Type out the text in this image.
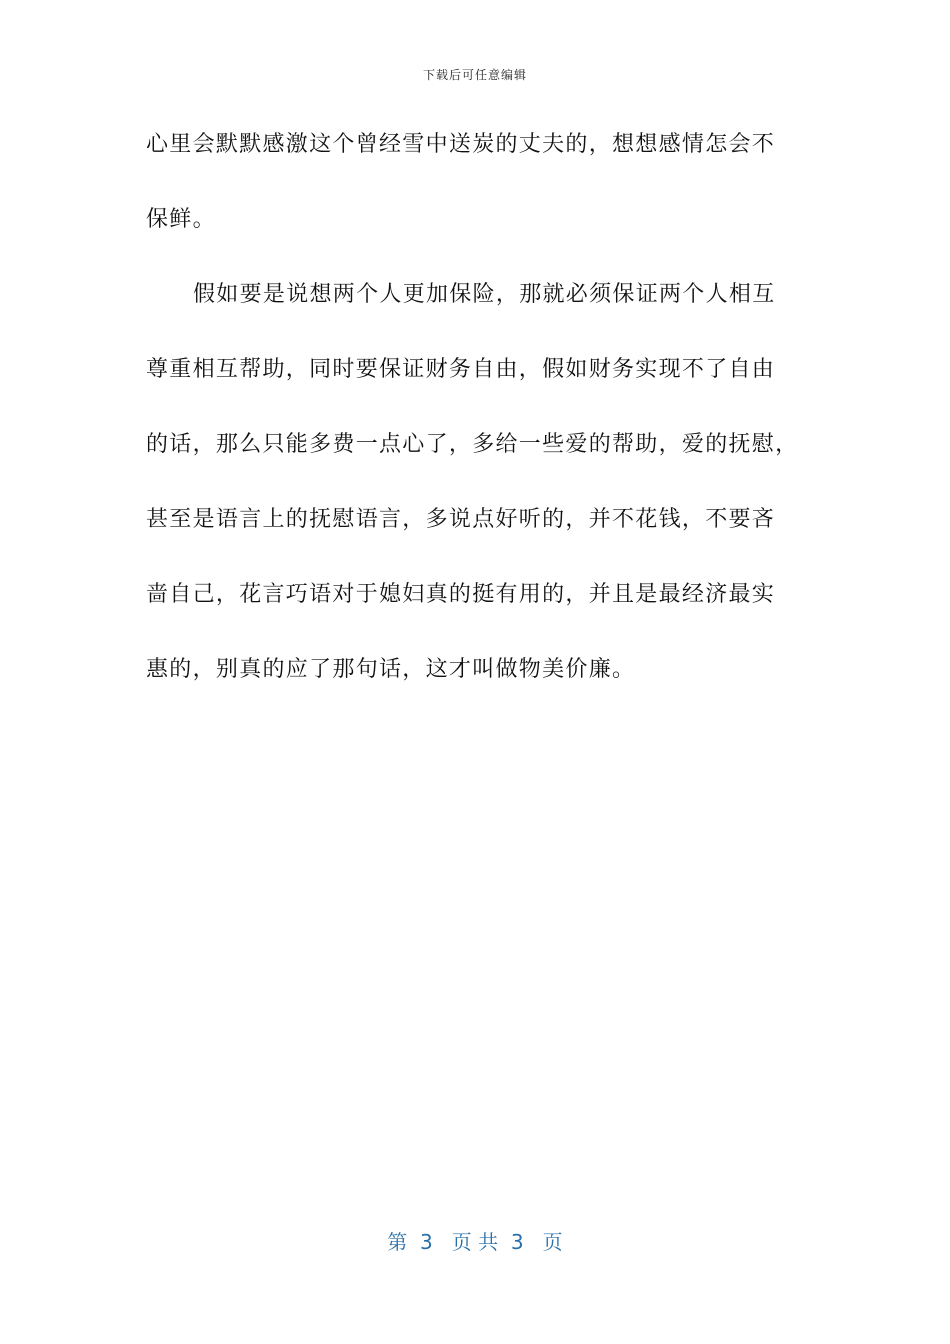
下载后可任意编辑
心里会默默感激这个曾经雪中送炭的丈夫的，想想感情怎会不
保鲜。
假如要是说想两个人更加保险，那就必须保证两个人相互
尊重相互帮助，同时要保证财务自由，假如财务实现不了自由
的话，那么只能多费一点心了，多给一些爱的帮助，爱的抚慰，
甚至是语言上的抚慰语言，多说点好听的，并不花钱，不要吝
啬自己，花言巧语对于媳妇真的挺有用的，并且是最经济最实
惠的，别真的应了那句话，这才叫做物美价廉。
第  3   页 共  3   页
